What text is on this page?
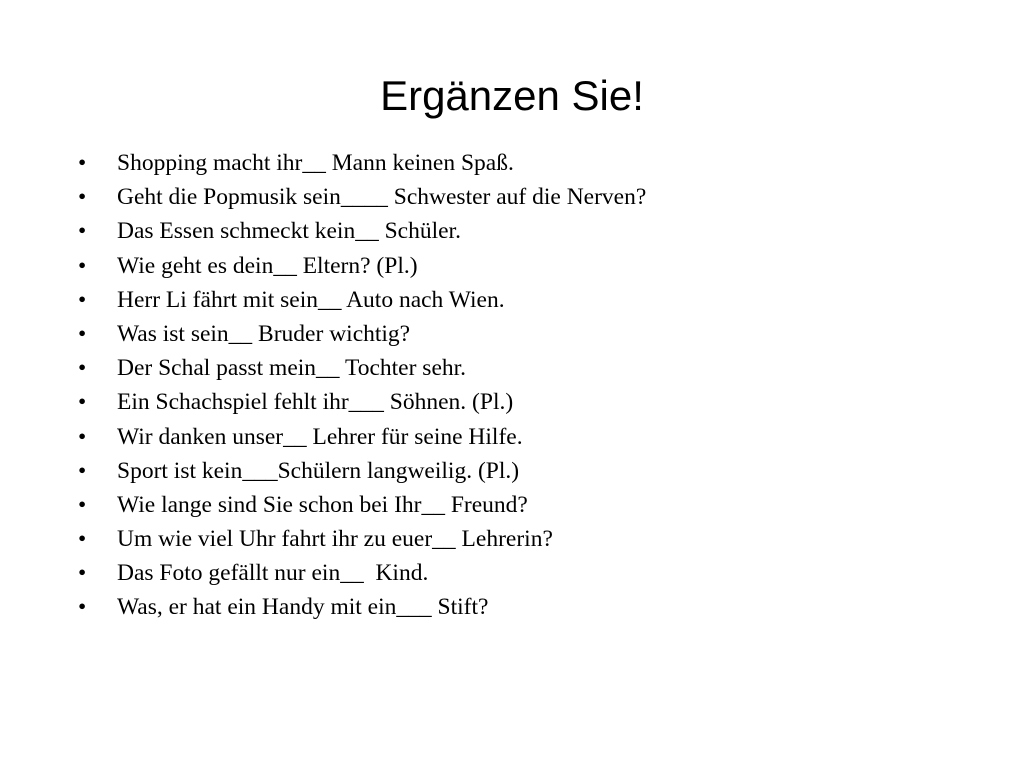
Ergänzen Sie!
•	Shopping macht ihr__ Mann keinen Spaß.
•	Geht die Popmusik sein____ Schwester auf die Nerven?
•	Das Essen schmeckt kein__ Schüler.
•	Wie geht es dein__ Eltern? (Pl.)
•	Herr Li fährt mit sein__ Auto nach Wien.
•	Was ist sein__ Bruder wichtig?
•	Der Schal passt mein__ Tochter sehr.
•	Ein Schachspiel fehlt ihr___ Söhnen. (Pl.)
•	Wir danken unser__ Lehrer für seine Hilfe.
•	Sport ist kein___Schülern langweilig. (Pl.)
•	Wie lange sind Sie schon bei Ihr__ Freund?
•	Um wie viel Uhr fahrt ihr zu euer__ Lehrerin?
•	Das Foto gefällt nur ein__  Kind.
•	Was, er hat ein Handy mit ein___ Stift?
